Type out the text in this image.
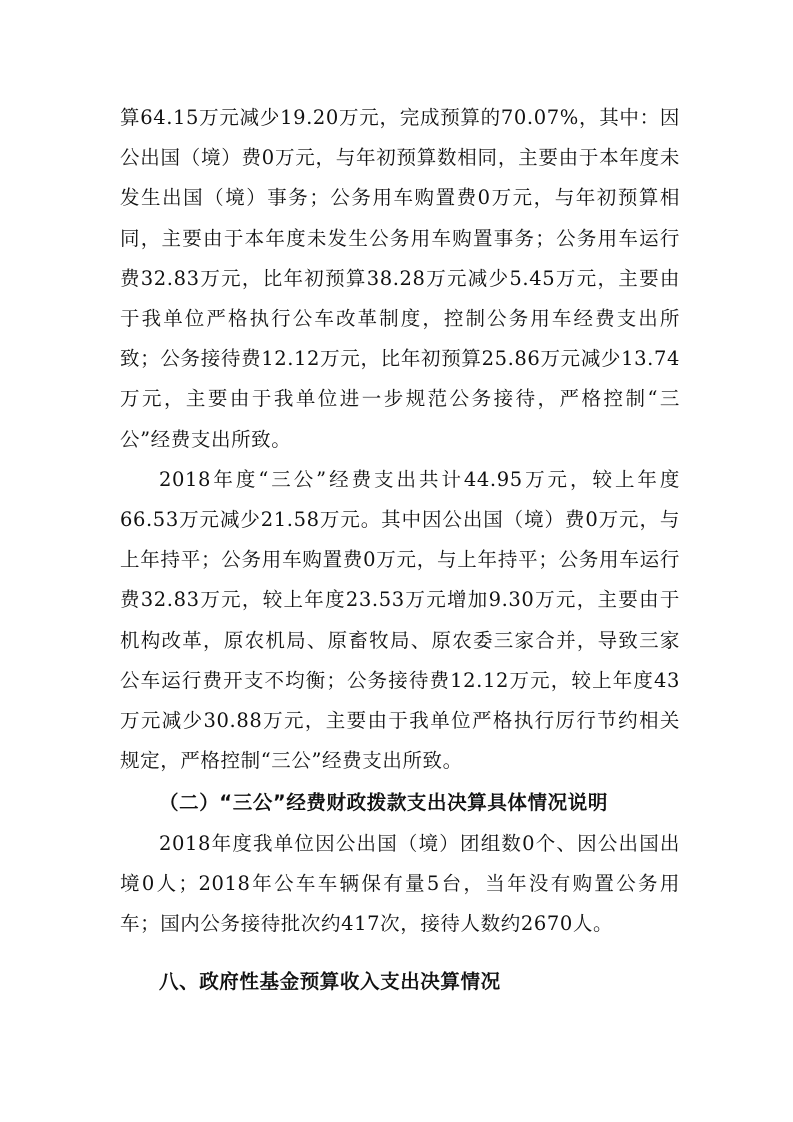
算64.15万元减少19.20万元，完成预算的70.07%，其中：因公出国（境）费0万元，与年初预算数相同，主要由于本年度未发生出国（境）事务；公务用车购置费0万元，与年初预算相同，主要由于本年度未发生公务用车购置事务；公务用车运行费32.83万元，比年初预算38.28万元减少5.45万元，主要由于我单位严格执行公车改革制度，控制公务用车经费支出所致；公务接待费12.12万元，比年初预算25.86万元减少13.74万元，主要由于我单位进一步规范公务接待，严格控制“三公”经费支出所致。

2018年度“三公”经费支出共计44.95万元，较上年度66.53万元减少21.58万元。其中因公出国（境）费0万元，与上年持平；公务用车购置费0万元，与上年持平；公务用车运行费32.83万元，较上年度23.53万元增加9.30万元，主要由于机构改革，原农机局、原畜牧局、原农委三家合并，导致三家公车运行费开支不均衡；公务接待费12.12万元，较上年度43万元减少30.88万元，主要由于我单位严格执行厉行节约相关规定，严格控制“三公”经费支出所致。

（二）“三公”经费财政拨款支出决算具体情况说明

2018年度我单位因公出国（境）团组数0个、因公出国出境0人；2018年公车车辆保有量5台，当年没有购置公务用车；国内公务接待批次约417次，接待人数约2670人。

八、政府性基金预算收入支出决算情况
